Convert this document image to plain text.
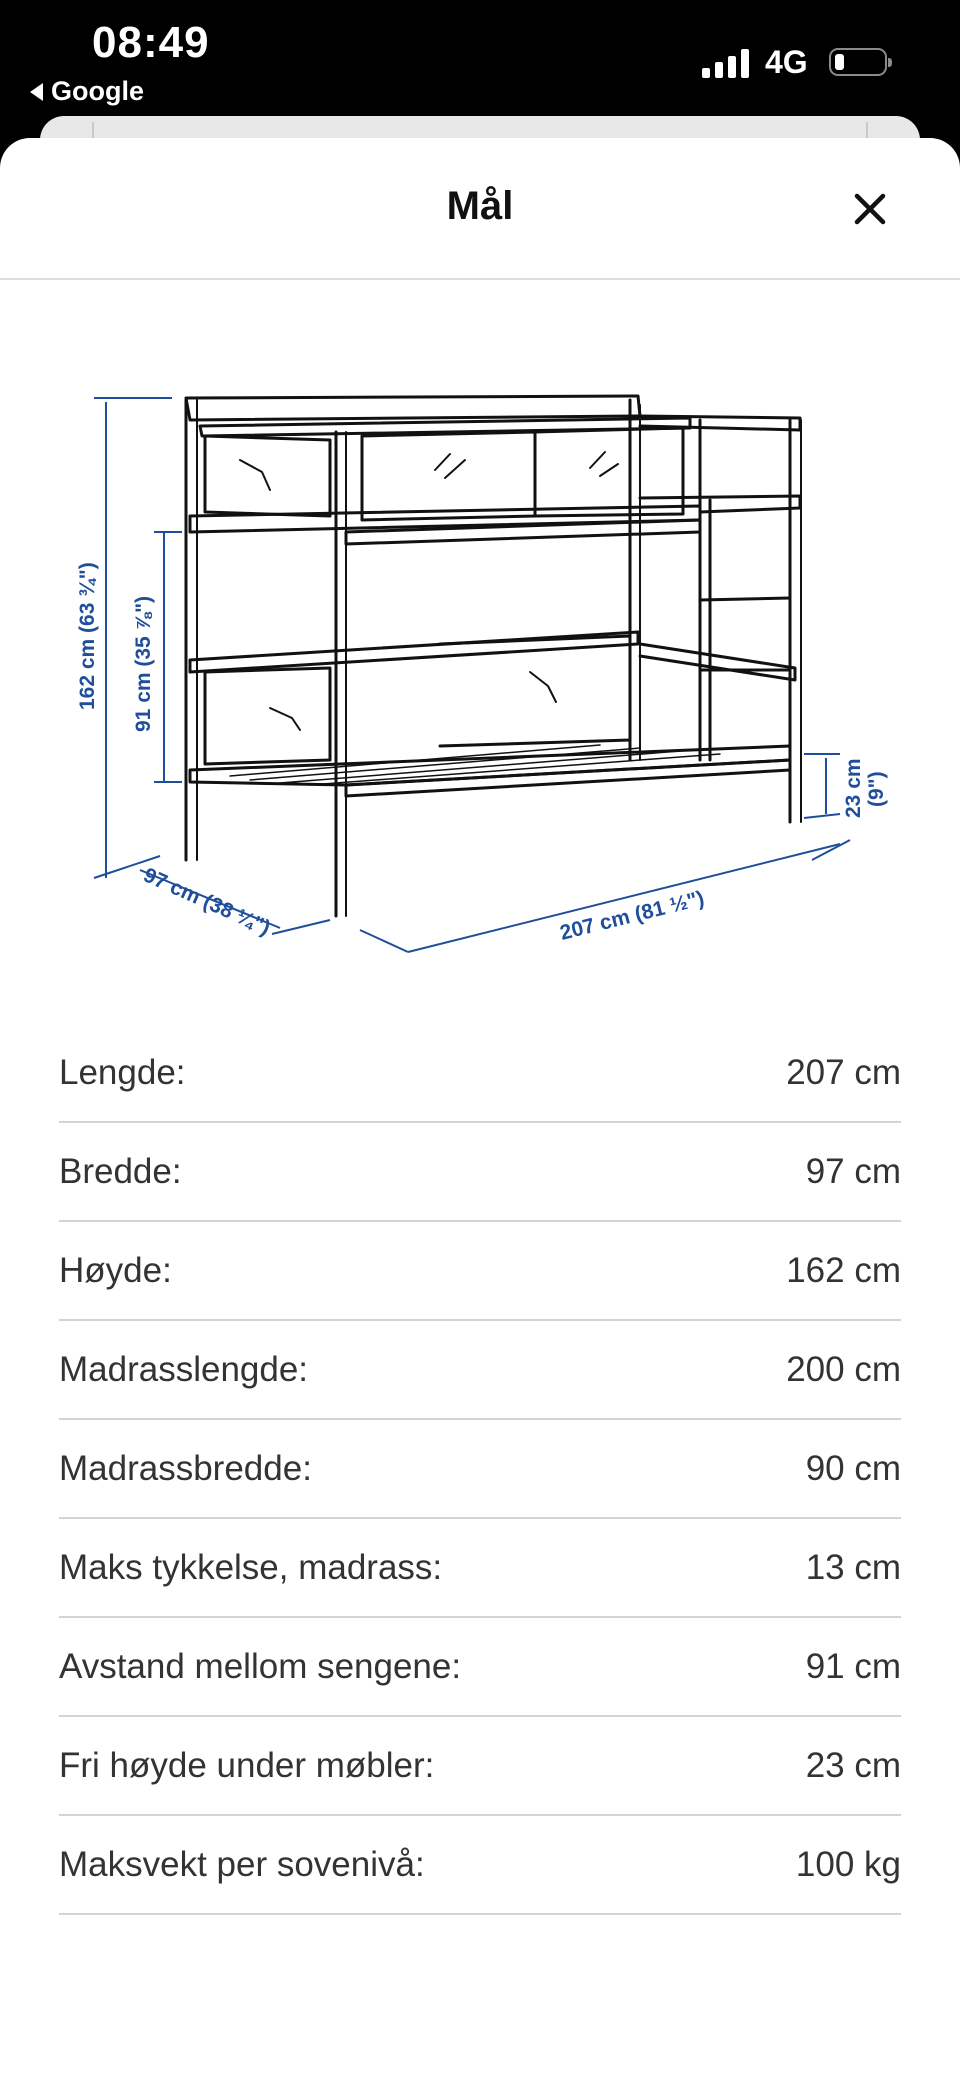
08:49
Google
4G
Mål
162 cm (63 ¾") 91 cm (35 ⅞")
97 cm (38 ¼")	207 cm (81 ½")
23 cm (9")
Lengde:	207 cm
Bredde:	97 cm
Høyde:	162 cm
Madrasslengde:	200 cm
Madrassbredde:	90 cm
Maks tykkelse, madrass:	13 cm
Avstand mellom sengene:	91 cm
Fri høyde under møbler:	23 cm
Maksvekt per sovenivå:	100 kg
